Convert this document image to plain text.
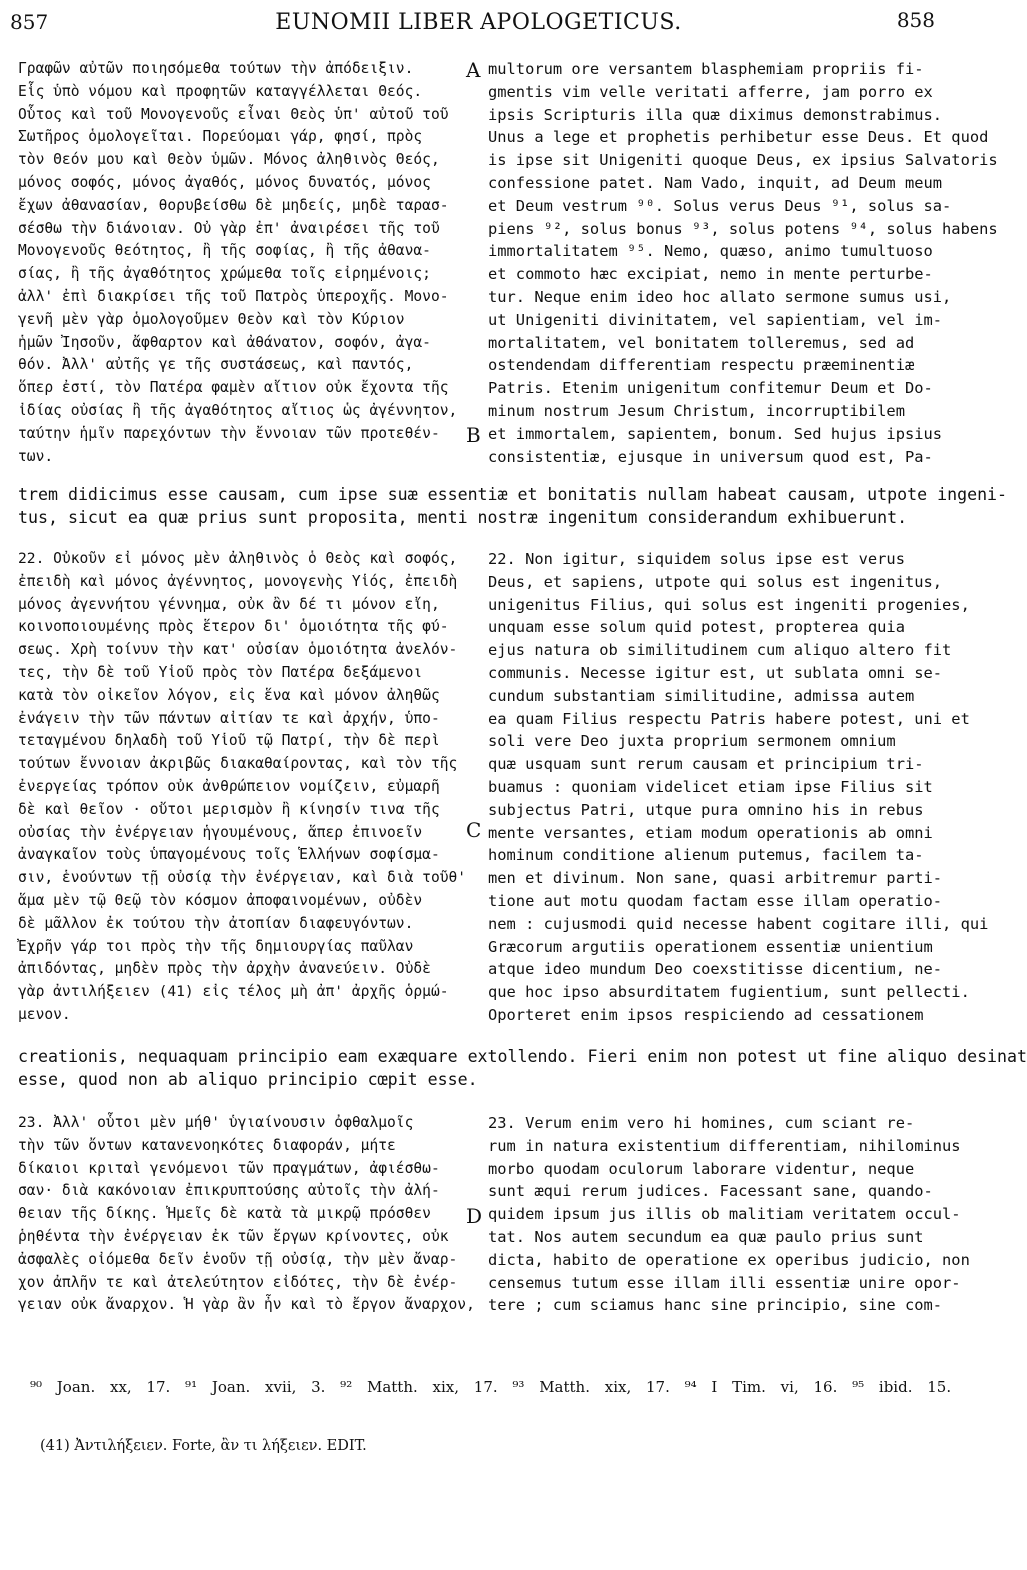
857	EUNOMII LIBER APOLOGETICUS.	858
Γραφῶν αὐτῶν ποιησόμεθα τούτων τὴν ἀπόδειξιν.
Εἷς ὑπὸ νόμου καὶ προφητῶν καταγγέλλεται Θεός.
Οὗτος καὶ τοῦ Μονογενοῦς εἶναι Θεὸς ὑπ' αὐτοῦ τοῦ
Σωτῆρος ὁμολογεῖται. Πορεύομαι γάρ, φησί, πρὸς
τὸν Θεόν μου καὶ Θεὸν ὑμῶν. Μόνος ἀληθινὸς Θεός,
μόνος σοφός, μόνος ἀγαθός, μόνος δυνατός, μόνος
ἔχων ἀθανασίαν, θορυβείσθω δὲ μηδείς, μηδὲ ταρασ-
σέσθω τὴν διάνοιαν. Οὐ γὰρ ἐπ' ἀναιρέσει τῆς τοῦ
Μονογενοῦς θεότητος, ἢ τῆς σοφίας, ἢ τῆς ἀθανα-
σίας, ἢ τῆς ἀγαθότητος χρώμεθα τοῖς εἰρημένοις;
ἀλλ' ἐπὶ διακρίσει τῆς τοῦ Πατρὸς ὑπεροχῆς. Μονο-
γενῆ μὲν γὰρ ὁμολογοῦμεν Θεὸν καὶ τὸν Κύριον
ἡμῶν Ἰησοῦν, ἄφθαρτον καὶ ἀθάνατον, σοφόν, ἀγα-
θόν. Ἀλλ' αὐτῆς γε τῆς συστάσεως, καὶ παντός,
ὅπερ ἐστί, τὸν Πατέρα φαμὲν αἴτιον οὐκ ἔχοντα τῆς
ἰδίας οὐσίας ἢ τῆς ἀγαθότητος αἴτιος ὡς ἀγέννητον,
ταύτην ἡμῖν παρεχόντων τὴν ἔννοιαν τῶν προτεθέν-
των.
A multorum ore versantem blasphemiam propriis fi-
gmentis vim velle veritati afferre, jam porro ex
ipsis Scripturis illa quæ diximus demonstrabimus.
Unus a lege et prophetis perhibetur esse Deus. Et quod
is ipse sit Unigeniti quoque Deus, ex ipsius Salvatoris
confessione patet. Nam Vado, inquit, ad Deum meum
et Deum vestrum ⁹⁰. Solus verus Deus ⁹¹, solus sa-
piens ⁹², solus bonus ⁹³, solus potens ⁹⁴, solus habens
immortalitatem ⁹⁵. Nemo, quæso, animo tumultuoso
et commoto hæc excipiat, nemo in mente perturbe-
tur. Neque enim ideo hoc allato sermone sumus usi,
ut Unigeniti divinitatem, vel sapientiam, vel im-
mortalitatem, vel bonitatem tolleremus, sed ad
ostendendam differentiam respectu præeminentiæ
Patris. Etenim unigenitum confitemur Deum et Do-
minum nostrum Jesum Christum, incorruptibilem
et immortalem, sapientem, bonum. Sed hujus ipsius
consistentiæ, ejusque in universum quod est, Pa-
B
trem didicimus esse causam, cum ipse suæ essentiæ et bonitatis nullam habeat causam, utpote ingeni-
tus, sicut ea quæ prius sunt proposita, menti nostræ ingenitum considerandum exhibuerunt.
22. Οὐκοῦν εἰ μόνος μὲν ἀληθινὸς ὁ Θεὸς καὶ σοφός,
ἐπειδὴ καὶ μόνος ἀγέννητος, μονογενὴς Υἱός, ἐπειδὴ
μόνος ἀγεννήτου γέννημα, οὐκ ἂν δέ τι μόνον εἴη,
κοινοποιουμένης πρὸς ἕτερον δι' ὁμοιότητα τῆς φύ-
σεως. Χρὴ τοίνυν τὴν κατ' οὐσίαν ὁμοιότητα ἀνελόν-
τες, τὴν δὲ τοῦ Υἱοῦ πρὸς τὸν Πατέρα δεξάμενοι
κατὰ τὸν οἰκεῖον λόγον, εἰς ἕνα καὶ μόνον ἀληθῶς
ἐνάγειν τὴν τῶν πάντων αἰτίαν τε καὶ ἀρχήν, ὑπο-
τεταγμένου δηλαδὴ τοῦ Υἱοῦ τῷ Πατρί, τὴν δὲ περὶ
τούτων ἔννοιαν ἀκριβῶς διακαθαίροντας, καὶ τὸν τῆς
ἐνεργείας τρόπον οὐκ ἀνθρώπειον νομίζειν, εὐμαρῆ
δὲ καὶ θεῖον · οὔτοι μερισμὸν ἢ κίνησίν τινα τῆς
οὐσίας τὴν ἐνέργειαν ἡγουμένους, ἅπερ ἐπινοεῖν
ἀναγκαῖον τοὺς ὑπαγομένους τοῖς Ἑλλήνων σοφίσμα-
σιν, ἑνούντων τῇ οὐσίᾳ τὴν ἐνέργειαν, καὶ διὰ τοῦθ'
ἅμα μὲν τῷ Θεῷ τὸν κόσμον ἀποφαινομένων, οὐδὲν
δὲ μᾶλλον ἐκ τούτου τὴν ἀτοπίαν διαφευγόντων.
Ἐχρῆν γάρ τοι πρὸς τὴν τῆς δημιουργίας παῦλαν
ἀπιδόντας, μηδὲν πρὸς τὴν ἀρχὴν ἀνανεύειν. Οὐδὲ
γὰρ ἀντιλήξειεν (41) εἰς τέλος μὴ ἀπ' ἀρχῆς ὁρμώ-
μενον.
C
22. Non igitur, siquidem solus ipse est verus
Deus, et sapiens, utpote qui solus est ingenitus,
unigenitus Filius, qui solus est ingeniti progenies,
unquam esse solum quid potest, propterea quia
ejus natura ob similitudinem cum aliquo altero fit
communis. Necesse igitur est, ut sublata omni se-
cundum substantiam similitudine, admissa autem
ea quam Filius respectu Patris habere potest, uni et
soli vere Deo juxta proprium sermonem omnium
quæ usquam sunt rerum causam et principium tri-
buamus : quoniam videlicet etiam ipse Filius sit
subjectus Patri, utque pura omnino his in rebus
mente versantes, etiam modum operationis ab omni
hominum conditione alienum putemus, facilem ta-
men et divinum. Non sane, quasi arbitremur parti-
tione aut motu quodam factam esse illam operatio-
nem : cujusmodi quid necesse habent cogitare illi, qui
Græcorum argutiis operationem essentiæ unientium
atque ideo mundum Deo coexstitisse dicentium, ne-
que hoc ipso absurditatem fugientium, sunt pellecti.
Oporteret enim ipsos respiciendo ad cessationem
creationis, nequaquam principio eam exæquare extollendo. Fieri enim non potest ut fine aliquo desinat
esse, quod non ab aliquo principio cœpit esse.
23. Ἀλλ' οὗτοι μὲν μήθ' ὑγιαίνουσιν ὀφθαλμοῖς
τὴν τῶν ὄντων κατανενοηκότες διαφοράν, μήτε
δίκαιοι κριταὶ γενόμενοι τῶν πραγμάτων, ἀφιέσθω-
σαν· διὰ κακόνοιαν ἐπικρυπτούσης αὐτοῖς τὴν ἀλή-
θειαν τῆς δίκης. Ἡμεῖς δὲ κατὰ τὰ μικρῷ πρόσθεν
ῥηθέντα τὴν ἐνέργειαν ἐκ τῶν ἔργων κρίνοντες, οὐκ
ἀσφαλὲς οἰόμεθα δεῖν ἑνοῦν τῇ οὐσίᾳ, τὴν μὲν ἄναρ-
χον ἀπλῆν τε καὶ ἀτελεύτητον εἰδότες, τὴν δὲ ἐνέρ-
γειαν οὐκ ἄναρχον. Ἡ γὰρ ἂν ἦν καὶ τὸ ἔργον ἄναρχον,
D
23. Verum enim vero hi homines, cum sciant re-
rum in natura existentium differentiam, nihilominus
morbo quodam oculorum laborare videntur, neque
sunt æqui rerum judices. Facessant sane, quando-
quidem ipsum jus illis ob malitiam veritatem occul-
tat. Nos autem secundum ea quæ paulo prius sunt
dicta, habito de operatione ex operibus judicio, non
censemus tutum esse illam illi essentiæ unire opor-
tere ; cum sciamus hanc sine principio, sine com-
⁹⁰ Joan. xx, 17. ⁹¹ Joan. xvii, 3. ⁹² Matth. xix, 17. ⁹³ Matth. xix, 17. ⁹⁴ I Tim. vi, 16. ⁹⁵ ibid. 15.
(41) Ἀντιλήξειεν. Forte, ἂν τι λήξειεν. EDIT.
